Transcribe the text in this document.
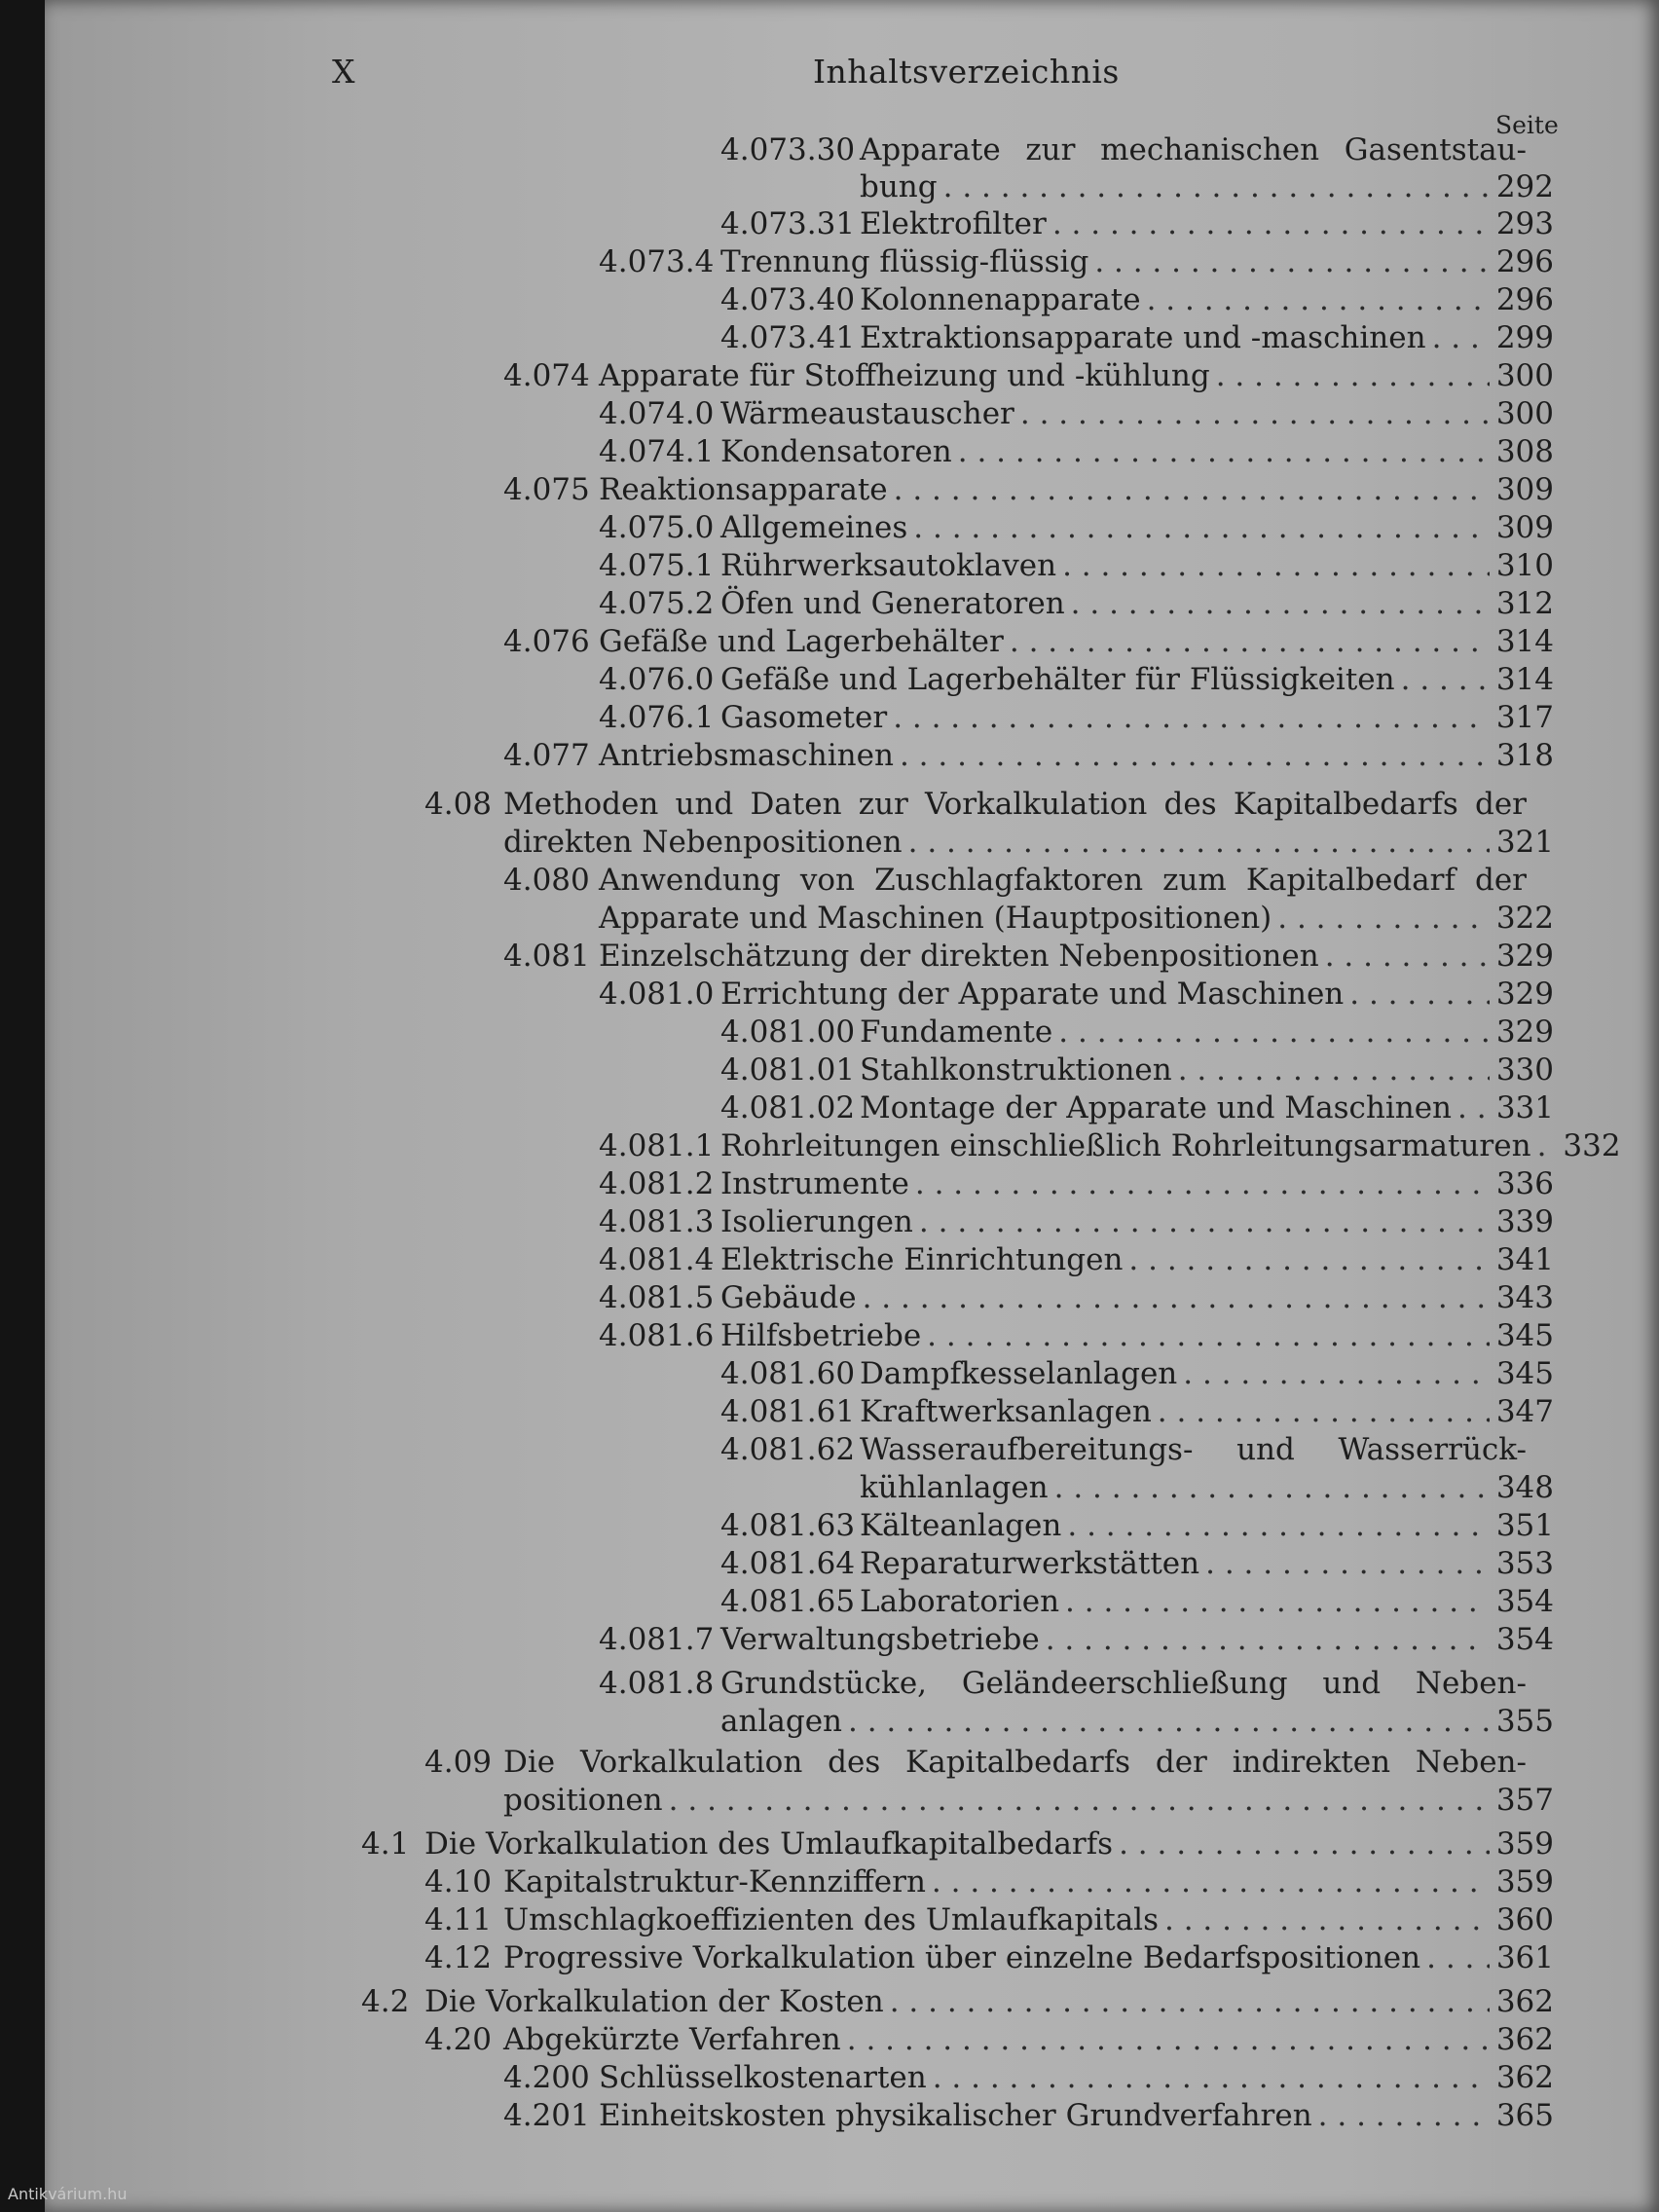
X	Inhaltsverzeichnis
Seite
4.073.30 Apparate zur mechanischen Gasentstau-
bung . . .	292
4.073.31 Elektrofilter . . .	293
4.073.4 Trennung flüssig-flüssig . . .	296
4.073.40 Kolonnenapparate . . .	296
4.073.41 Extraktionsapparate und -maschinen . . . 299
4.074 Apparate für Stoffheizung und -kühlung . . .	300
4.074.0 Wärmeaustauscher . . .	300
4.074.1 Kondensatoren . . .	308
4.075 Reaktionsapparate . . .	309
4.075.0 Allgemeines . . .	309
4.075.1 Rührwerksautoklaven . . .	310
4.075.2 Öfen und Generatoren . . .	312
4.076 Gefäße und Lagerbehälter . . .	314
4.076.0 Gefäße und Lagerbehälter für Flüssigkeiten . . .	314
4.076.1 Gasometer . . .	317
4.077 Antriebsmaschinen . . .	318
4.08 Methoden und Daten zur Vorkalkulation des Kapitalbedarfs der
direkten Nebenpositionen . . .	321
4.080 Anwendung von Zuschlagfaktoren zum Kapitalbedarf der
Apparate und Maschinen (Hauptpositionen) . . .	322
4.081 Einzelschätzung der direkten Nebenpositionen . . .	329
4.081.0 Errichtung der Apparate und Maschinen . . .	329
4.081.00 Fundamente . . .	329
4.081.01 Stahlkonstruktionen . . .	330
4.081.02 Montage der Apparate und Maschinen . . . 331
4.081.1 Rohrleitungen einschließlich Rohrleitungsarmaturen . . . 332
4.081.2 Instrumente . . .	336
4.081.3 Isolierungen . . .	339
4.081.4 Elektrische Einrichtungen . . .	341
4.081.5 Gebäude . . .	343
4.081.6 Hilfsbetriebe . . .	345
4.081.60 Dampfkesselanlagen . . .	345
4.081.61 Kraftwerksanlagen . . .	347
4.081.62 Wasseraufbereitungs- und Wasserrück-
kühlanlagen . . .	348
4.081.63 Kälteanlagen . . .	351
4.081.64 Reparaturwerkstätten . . .	353
4.081.65 Laboratorien . . .	354
4.081.7 Verwaltungsbetriebe . . .	354
4.081.8 Grundstücke, Geländeerschließung und Neben-
anlagen . . .	355
4.09 Die Vorkalkulation des Kapitalbedarfs der indirekten Neben-
positionen . . .	357
4.1 Die Vorkalkulation des Umlaufkapitalbedarfs . . .	359
4.10 Kapitalstruktur-Kennziffern . . .	359
4.11 Umschlagkoeffizienten des Umlaufkapitals . . .	360
4.12 Progressive Vorkalkulation über einzelne Bedarfspositionen . . .	361
4.2 Die Vorkalkulation der Kosten . . .	362
4.20 Abgekürzte Verfahren . . .	362
4.200 Schlüsselkostenarten . . .	362
4.201 Einheitskosten physikalischer Grundverfahren . . .	365
Antikvárium.hu
